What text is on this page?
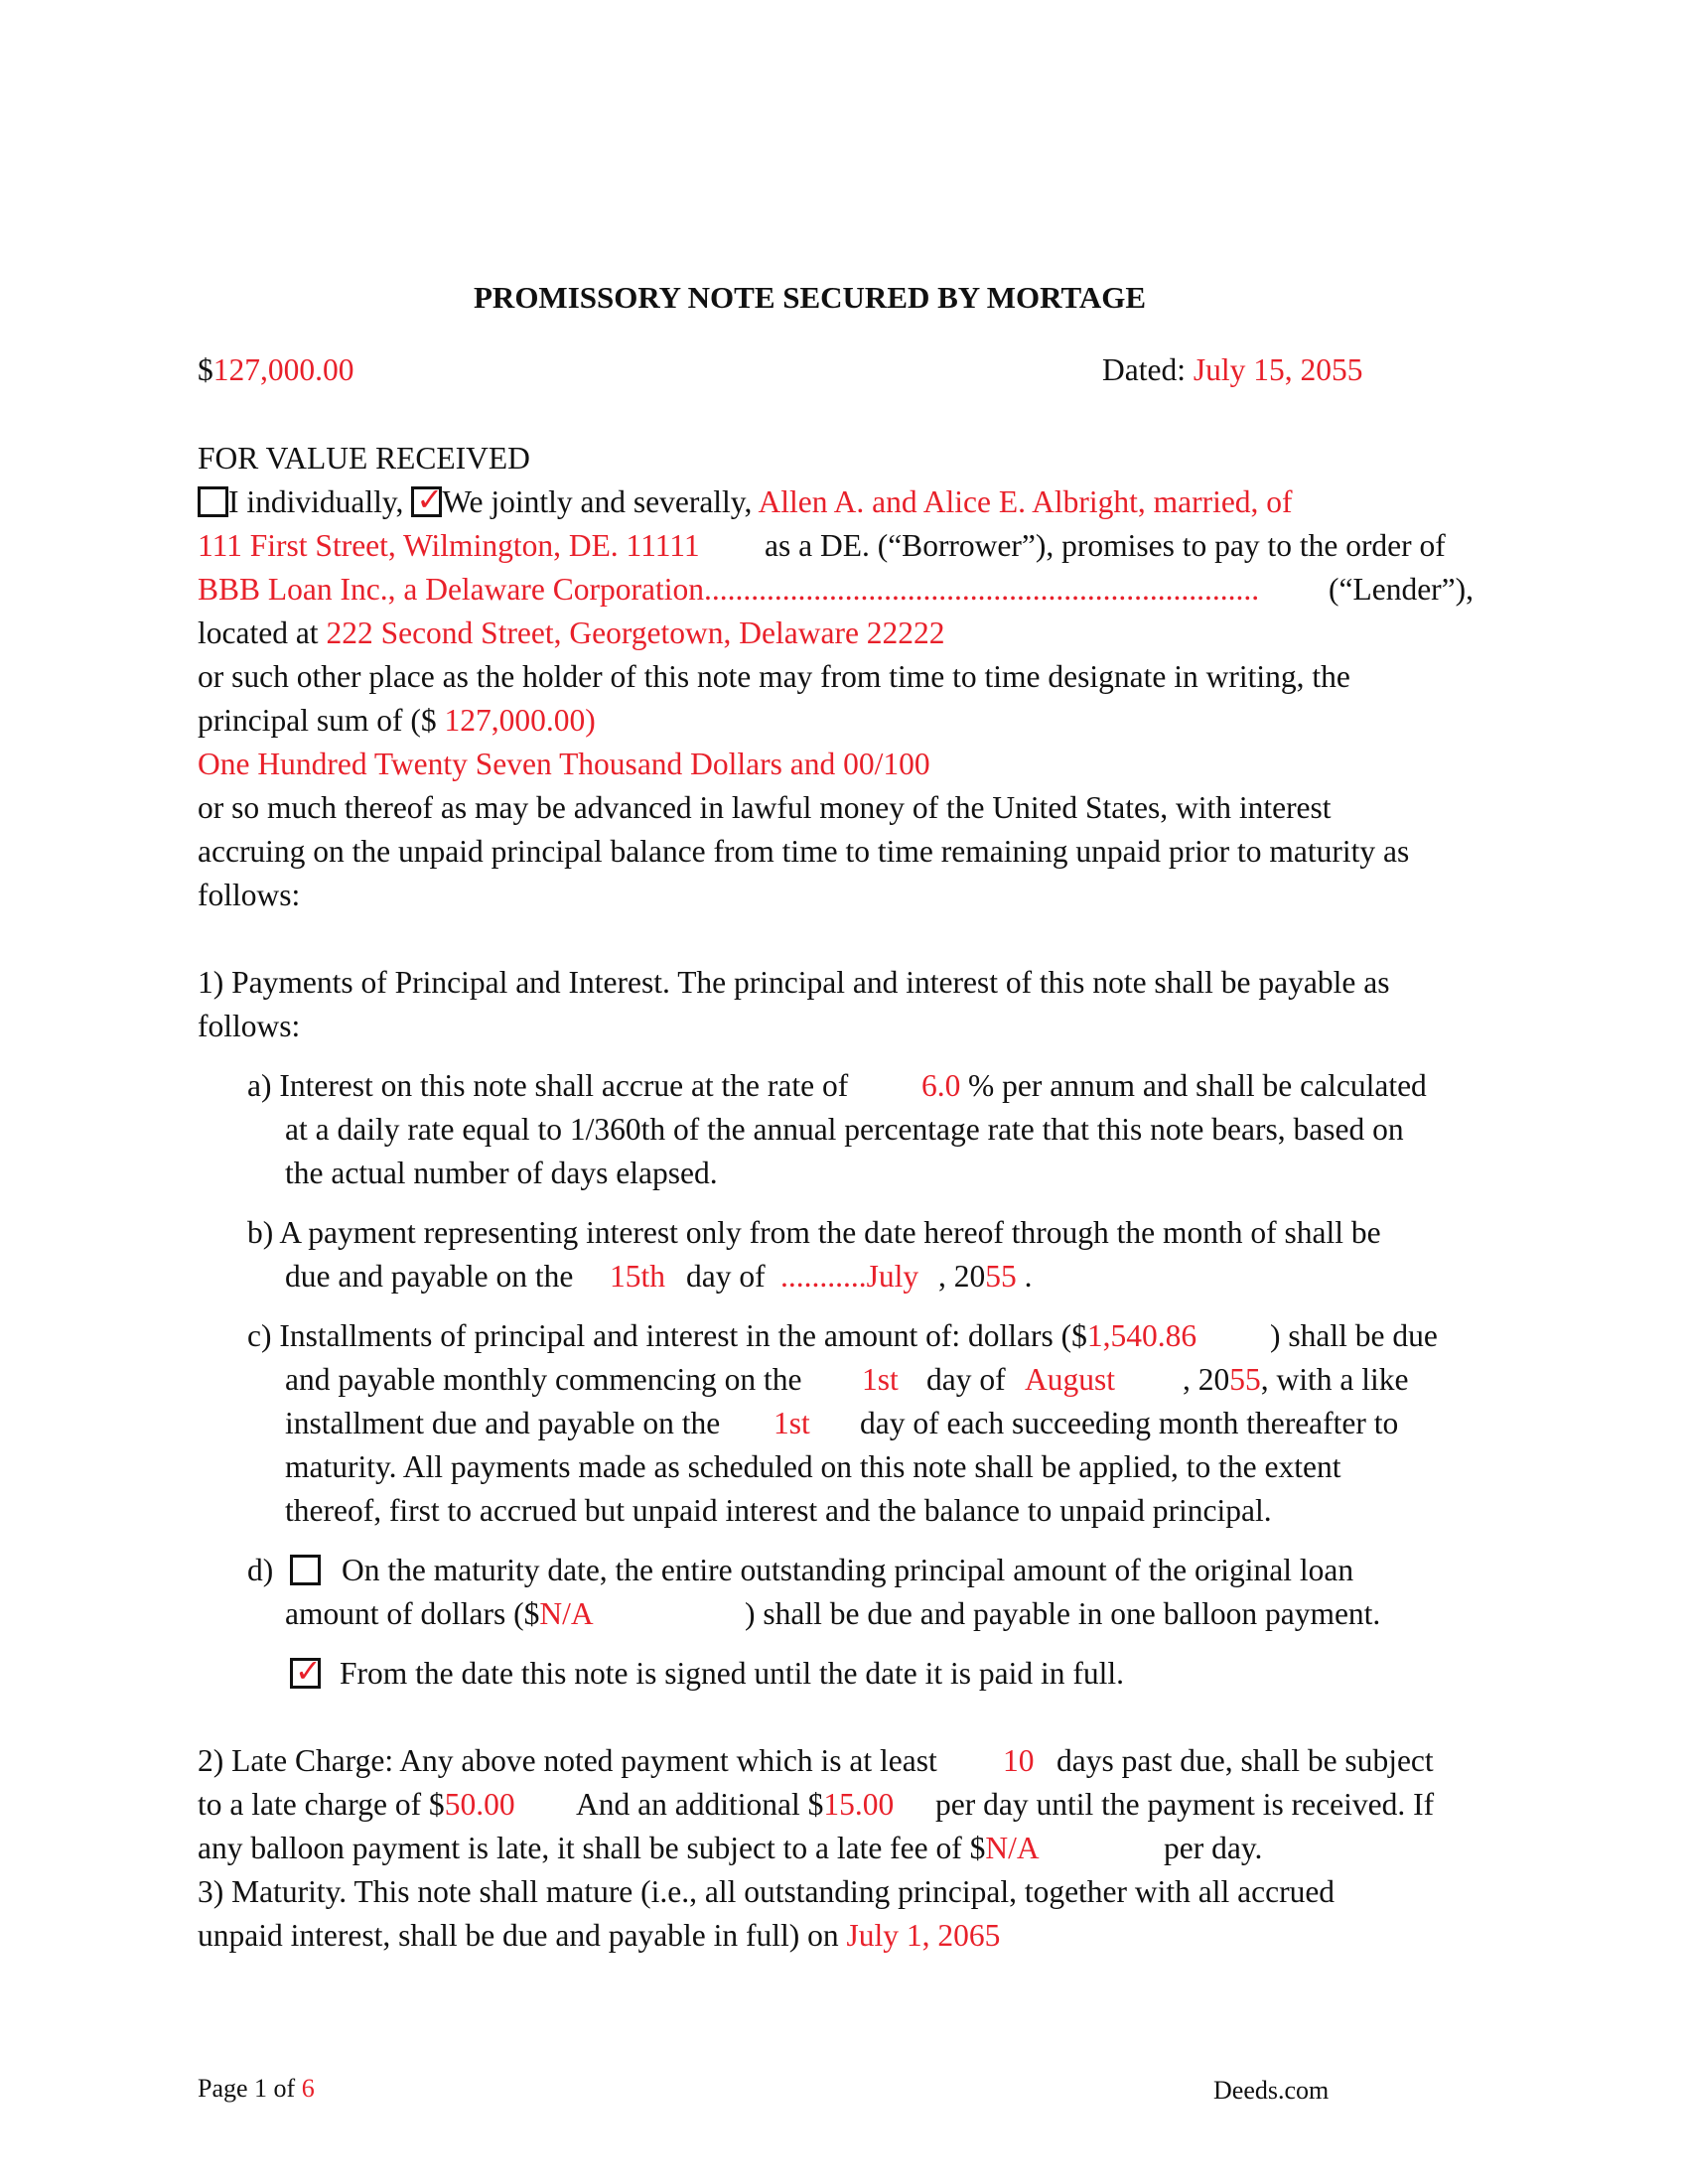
PROMISSORY NOTE SECURED BY MORTAGE
$127,000.00	Dated: July 15, 2055
FOR VALUE RECEIVED
I individually, ✓ We jointly and severally, Allen A. and Alice E. Albright, married, of
111 First Street, Wilmington, DE. 11111 as a DE. (“Borrower”), promises to pay to the order of
BBB Loan Inc., a Delaware Corporation....................................................................... (“Lender”),
located at 222 Second Street, Georgetown, Delaware 22222
or such other place as the holder of this note may from time to time designate in writing, the
principal sum of ($ 127,000.00)
One Hundred Twenty Seven Thousand Dollars and 00/100
or so much thereof as may be advanced in lawful money of the United States, with interest
accruing on the unpaid principal balance from time to time remaining unpaid prior to maturity as
follows:
1) Payments of Principal and Interest. The principal and interest of this note shall be payable as
follows:
a) Interest on this note shall accrue at the rate of 6.0 % per annum and shall be calculated
at a daily rate equal to 1/360th of the annual percentage rate that this note bears, based on
the actual number of days elapsed.
b) A payment representing interest only from the date hereof through the month of shall be
due and payable on the 15th day of ...........July , 2055 .
c) Installments of principal and interest in the amount of: dollars ($1,540.86 ) shall be due
and payable monthly commencing on the 1st day of August , 2055, with a like
installment due and payable on the 1st day of each succeeding month thereafter to
maturity. All payments made as scheduled on this note shall be applied, to the extent
thereof, first to accrued but unpaid interest and the balance to unpaid principal.
d) On the maturity date, the entire outstanding principal amount of the original loan
amount of dollars ($N/A	) shall be due and payable in one balloon payment.
✓ From the date this note is signed until the date it is paid in full.
2) Late Charge: Any above noted payment which is at least 10 days past due, shall be subject
to a late charge of $50.00 And an additional $15.00 per day until the payment is received. If
any balloon payment is late, it shall be subject to a late fee of $N/A	per day.
3) Maturity. This note shall mature (i.e., all outstanding principal, together with all accrued
unpaid interest, shall be due and payable in full) on July 1, 2065
Page 1 of 6	Deeds.com
